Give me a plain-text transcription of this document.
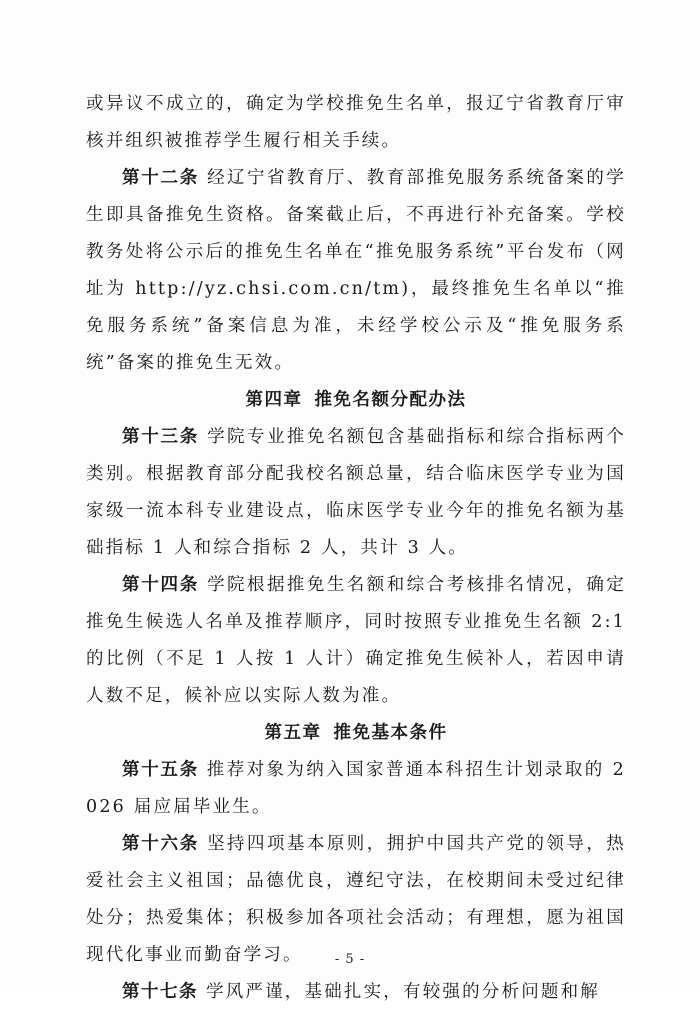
或异议不成立的，确定为学校推免生名单，报辽宁省教育厅审核并组织被推荐学生履行相关手续。

第十二条 经辽宁省教育厅、教育部推免服务系统备案的学生即具备推免生资格。备案截止后，不再进行补充备案。学校教务处将公示后的推免生名单在“推免服务系统”平台发布（网址为 http://yz.chsi.com.cn/tm)，最终推免生名单以“推免服务系统”备案信息为准，未经学校公示及“推免服务系统”备案的推免生无效。

第四章 推免名额分配办法

第十三条 学院专业推免名额包含基础指标和综合指标两个类别。根据教育部分配我校名额总量，结合临床医学专业为国家级一流本科专业建设点，临床医学专业今年的推免名额为基础指标 1 人和综合指标 2 人，共计 3 人。

第十四条 学院根据推免生名额和综合考核排名情况，确定推免生候选人名单及推荐顺序，同时按照专业推免生名额 2:1 的比例（不足 1 人按 1 人计）确定推免生候补人，若因申请人数不足，候补应以实际人数为准。

第五章 推免基本条件

第十五条 推荐对象为纳入国家普通本科招生计划录取的 2026 届应届毕业生。

第十六条 坚持四项基本原则，拥护中国共产党的领导，热爱社会主义祖国；品德优良，遵纪守法，在校期间未受过纪律处分；热爱集体；积极参加各项社会活动；有理想，愿为祖国现代化事业而勤奋学习。

第十七条 学风严谨，基础扎实，有较强的分析问题和解

- 5 -
